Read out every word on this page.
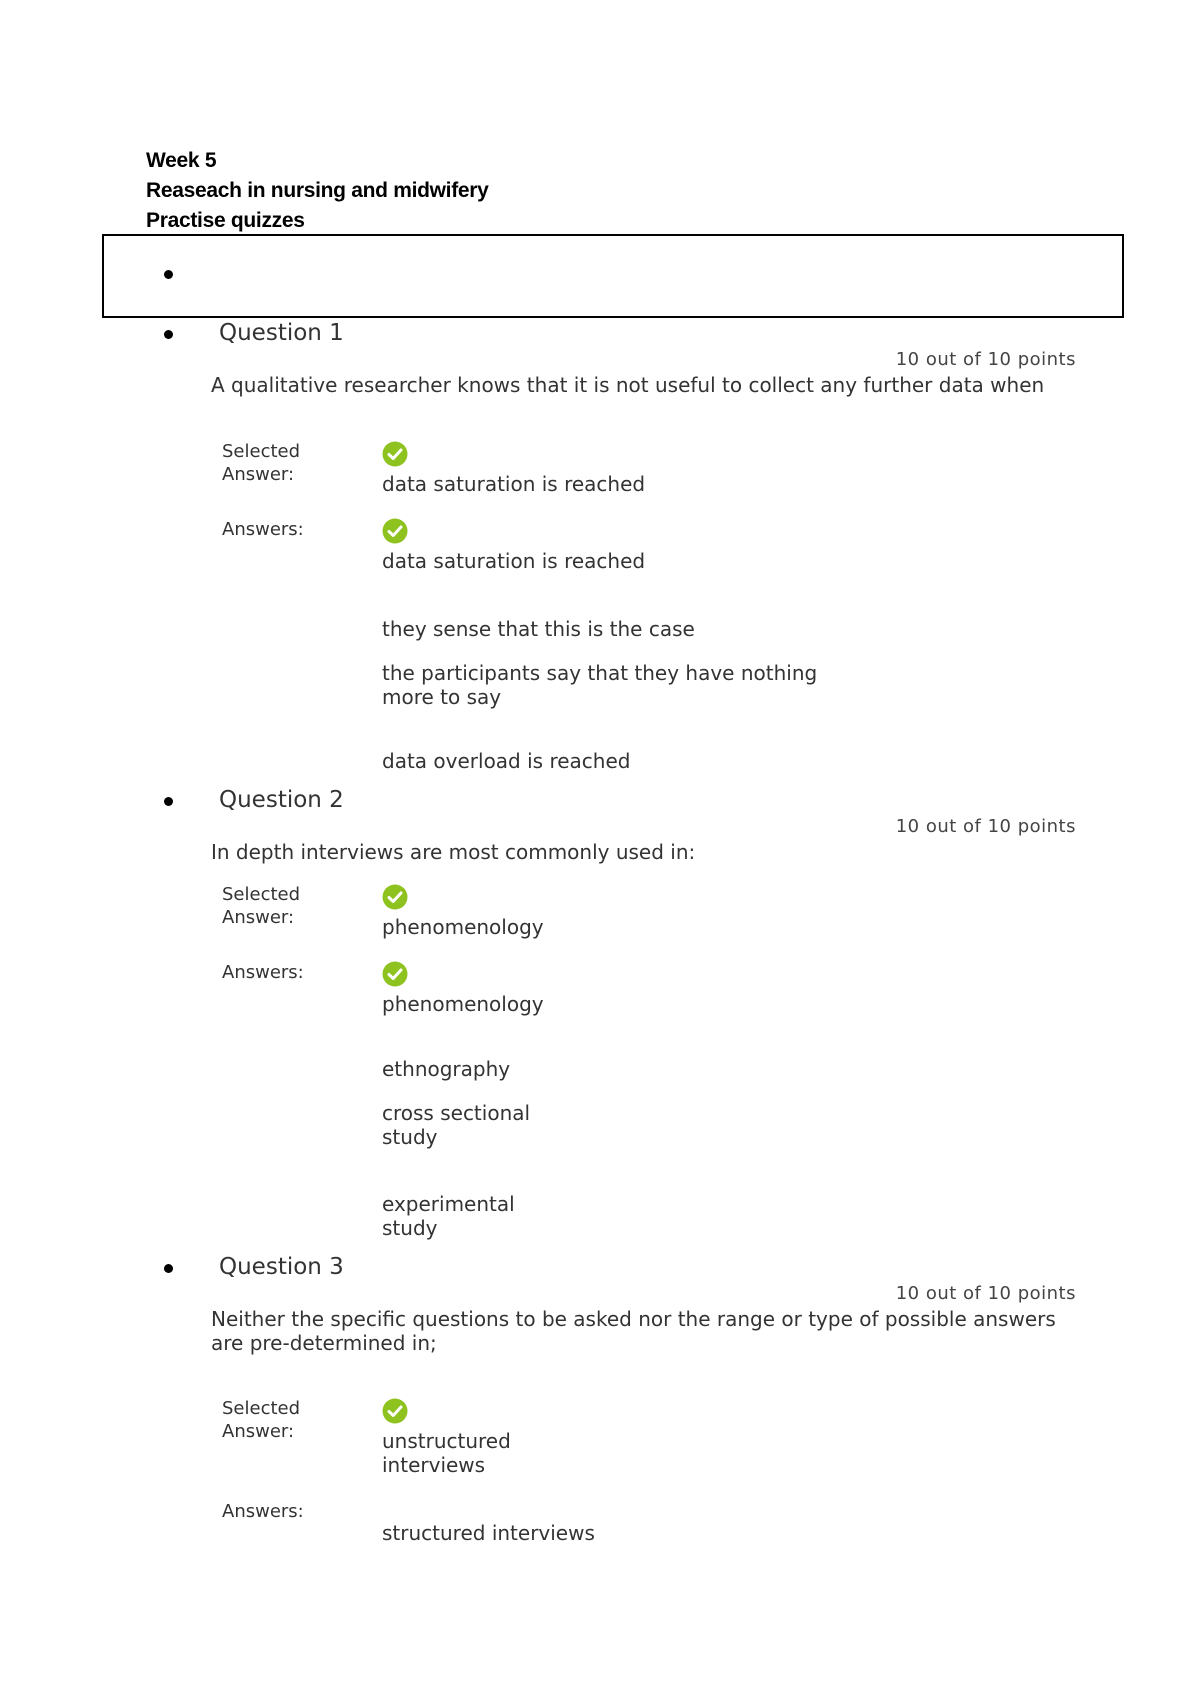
Week 5
Reaseach in nursing and midwifery
Practise quizzes
Question 1
10 out of 10 points
A qualitative researcher knows that it is not useful to collect any further data when
Selected Answer:	data saturation is reached
Answers:
data saturation is reached
they sense that this is the case
the participants say that they have nothing more to say
data overload is reached
Question 2
10 out of 10 points
In depth interviews are most commonly used in:
Selected Answer:	phenomenology
Answers:
phenomenology
ethnography
cross sectional study
experimental study
Question 3
10 out of 10 points
Neither the specific questions to be asked nor the range or type of possible answers are pre-determined in;
Selected Answer:	unstructured interviews
Answers:
structured interviews
